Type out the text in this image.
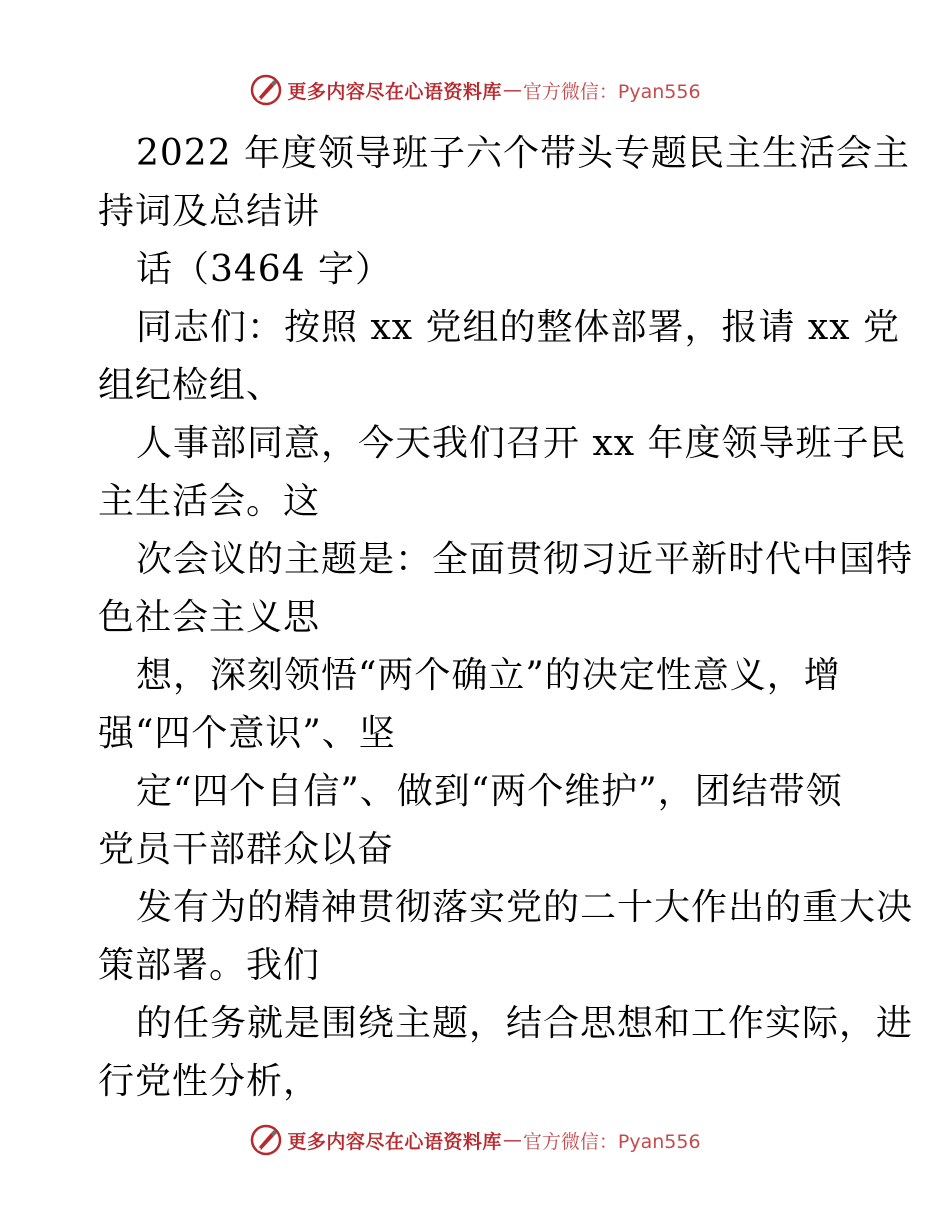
更多内容尽在心语资料库 — 官方微信：Pyan556
2022 年度领导班子六个带头专题民主生活会主
持词及总结讲
话（3464 字）
同志们：按照 xx 党组的整体部署，报请 xx 党
组纪检组、
人事部同意，今天我们召开 xx 年度领导班子民
主生活会。这
次会议的主题是：全面贯彻习近平新时代中国特
色社会主义思
想，深刻领悟“两个确立”的决定性意义，增
强“四个意识”、坚
定“四个自信”、做到“两个维护”，团结带领
党员干部群众以奋
发有为的精神贯彻落实党的二十大作出的重大决
策部署。我们
的任务就是围绕主题，结合思想和工作实际，进
行党性分析，
更多内容尽在心语资料库 — 官方微信：Pyan556
